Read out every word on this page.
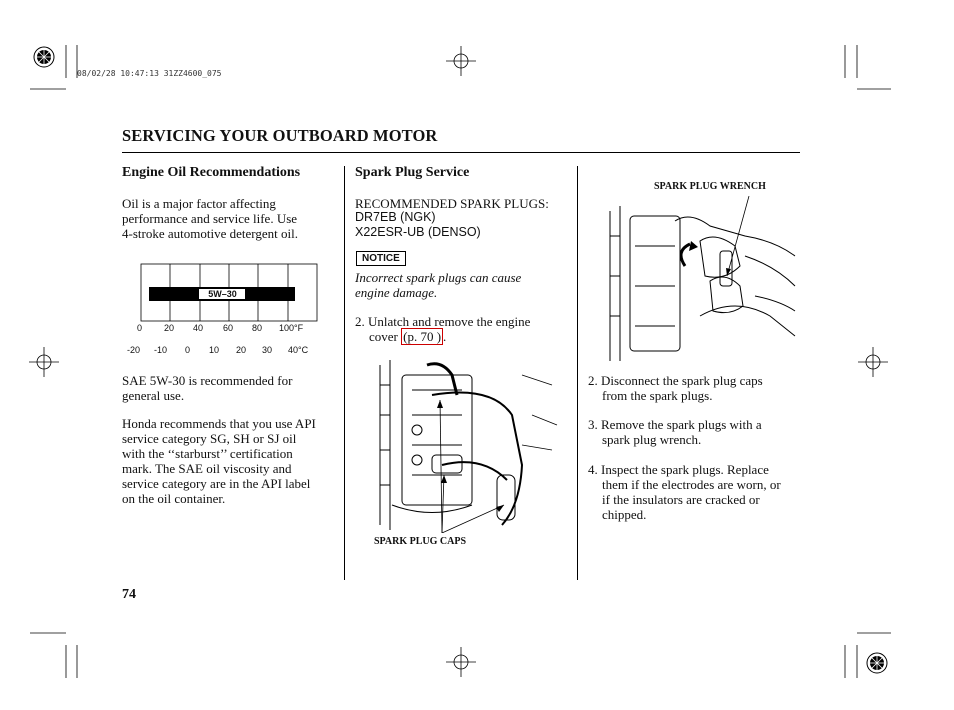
08/02/28 10:47:13 31ZZ4600_075
SERVICING YOUR OUTBOARD MOTOR
Engine Oil Recommendations
Oil is a major factor affecting
performance and service life. Use
4-stroke automotive detergent oil.
5W–30
0 20 40 60 80 100°F
-20 -10 0 10 20 30 40°C
SAE 5W-30 is recommended for
general use.
Honda recommends that you use API
service category SG, SH or SJ oil
with the ‘‘starburst’’ certification
mark. The SAE oil viscosity and
service category are in the API label
on the oil container.
74
Spark Plug Service
RECOMMENDED SPARK PLUGS:
DR7EB (NGK)
X22ESR-UB (DENSO)
NOTICE
Incorrect spark plugs can cause
engine damage.
2. Unlatch and remove the engine
cover (p. 70 ) .
SPARK PLUG CAPS
SPARK PLUG WRENCH
2. Disconnect the spark plug caps
from the spark plugs.
3. Remove the spark plugs with a
spark plug wrench.
4. Inspect the spark plugs. Replace
them if the electrodes are worn, or
if the insulators are cracked or
chipped.
